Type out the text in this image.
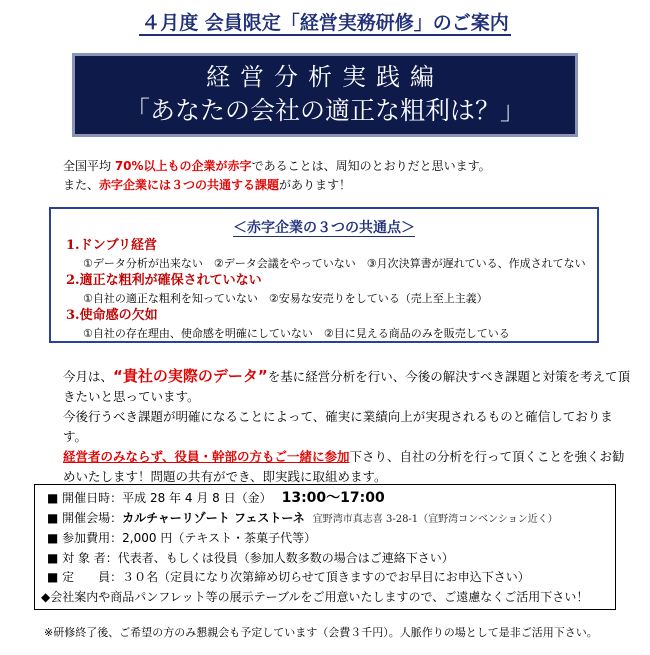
４月度 会員限定「経営実務研修」のご案内
経営分析実践編
「あなたの会社の適正な粗利は？」
全国平均 70%以上もの企業が赤字であることは、周知のとおりだと思います。
また、赤字企業には３つの共通する課題があります！
＜赤字企業の３つの共通点＞
1.ドンブリ経営
①データ分析が出来ない　②データ会議をやっていない　③月次決算書が遅れている、作成されてない
2.適正な粗利が確保されていない
①自社の適正な粗利を知っていない　②安易な安売りをしている（売上至上主義）
3.使命感の欠如
①自社の存在理由、使命感を明確にしていない　②目に見える商品のみを販売している
今月は、“貴社の実際のデータ”を基に経営分析を行い、今後の解決すべき課題と対策を考えて頂きたいと思っています。
今後行うべき課題が明確になることによって、確実に業績向上が実現されるものと確信しております。
経営者のみならず、役員・幹部の方もご一緒に参加下さり、自社の分析を行って頂くことを強くお勧めいたします！問題の共有ができ、即実践に取組めます。
■ 開催日時：平成 28 年 4 月 8 日（金） 13:00〜17:00
■ 開催会場：カルチャーリゾート フェストーネ 宜野湾市真志喜 3-28-1（宜野湾コンベンション近く）
■ 参加費用：2,000 円（テキスト・茶菓子代等）
■ 対 象 者：代表者、もしくは役員（参加人数多数の場合はご連絡下さい）
■ 定　　員：３０名（定員になり次第締め切らせて頂きますのでお早目にお申込下さい）
◆会社案内や商品パンフレット等の展示テーブルをご用意いたしますので、ご遠慮なくご活用下さい！
※研修終了後、ご希望の方のみ懇親会も予定しています（会費３千円）。人脈作りの場として是非ご活用下さい。
